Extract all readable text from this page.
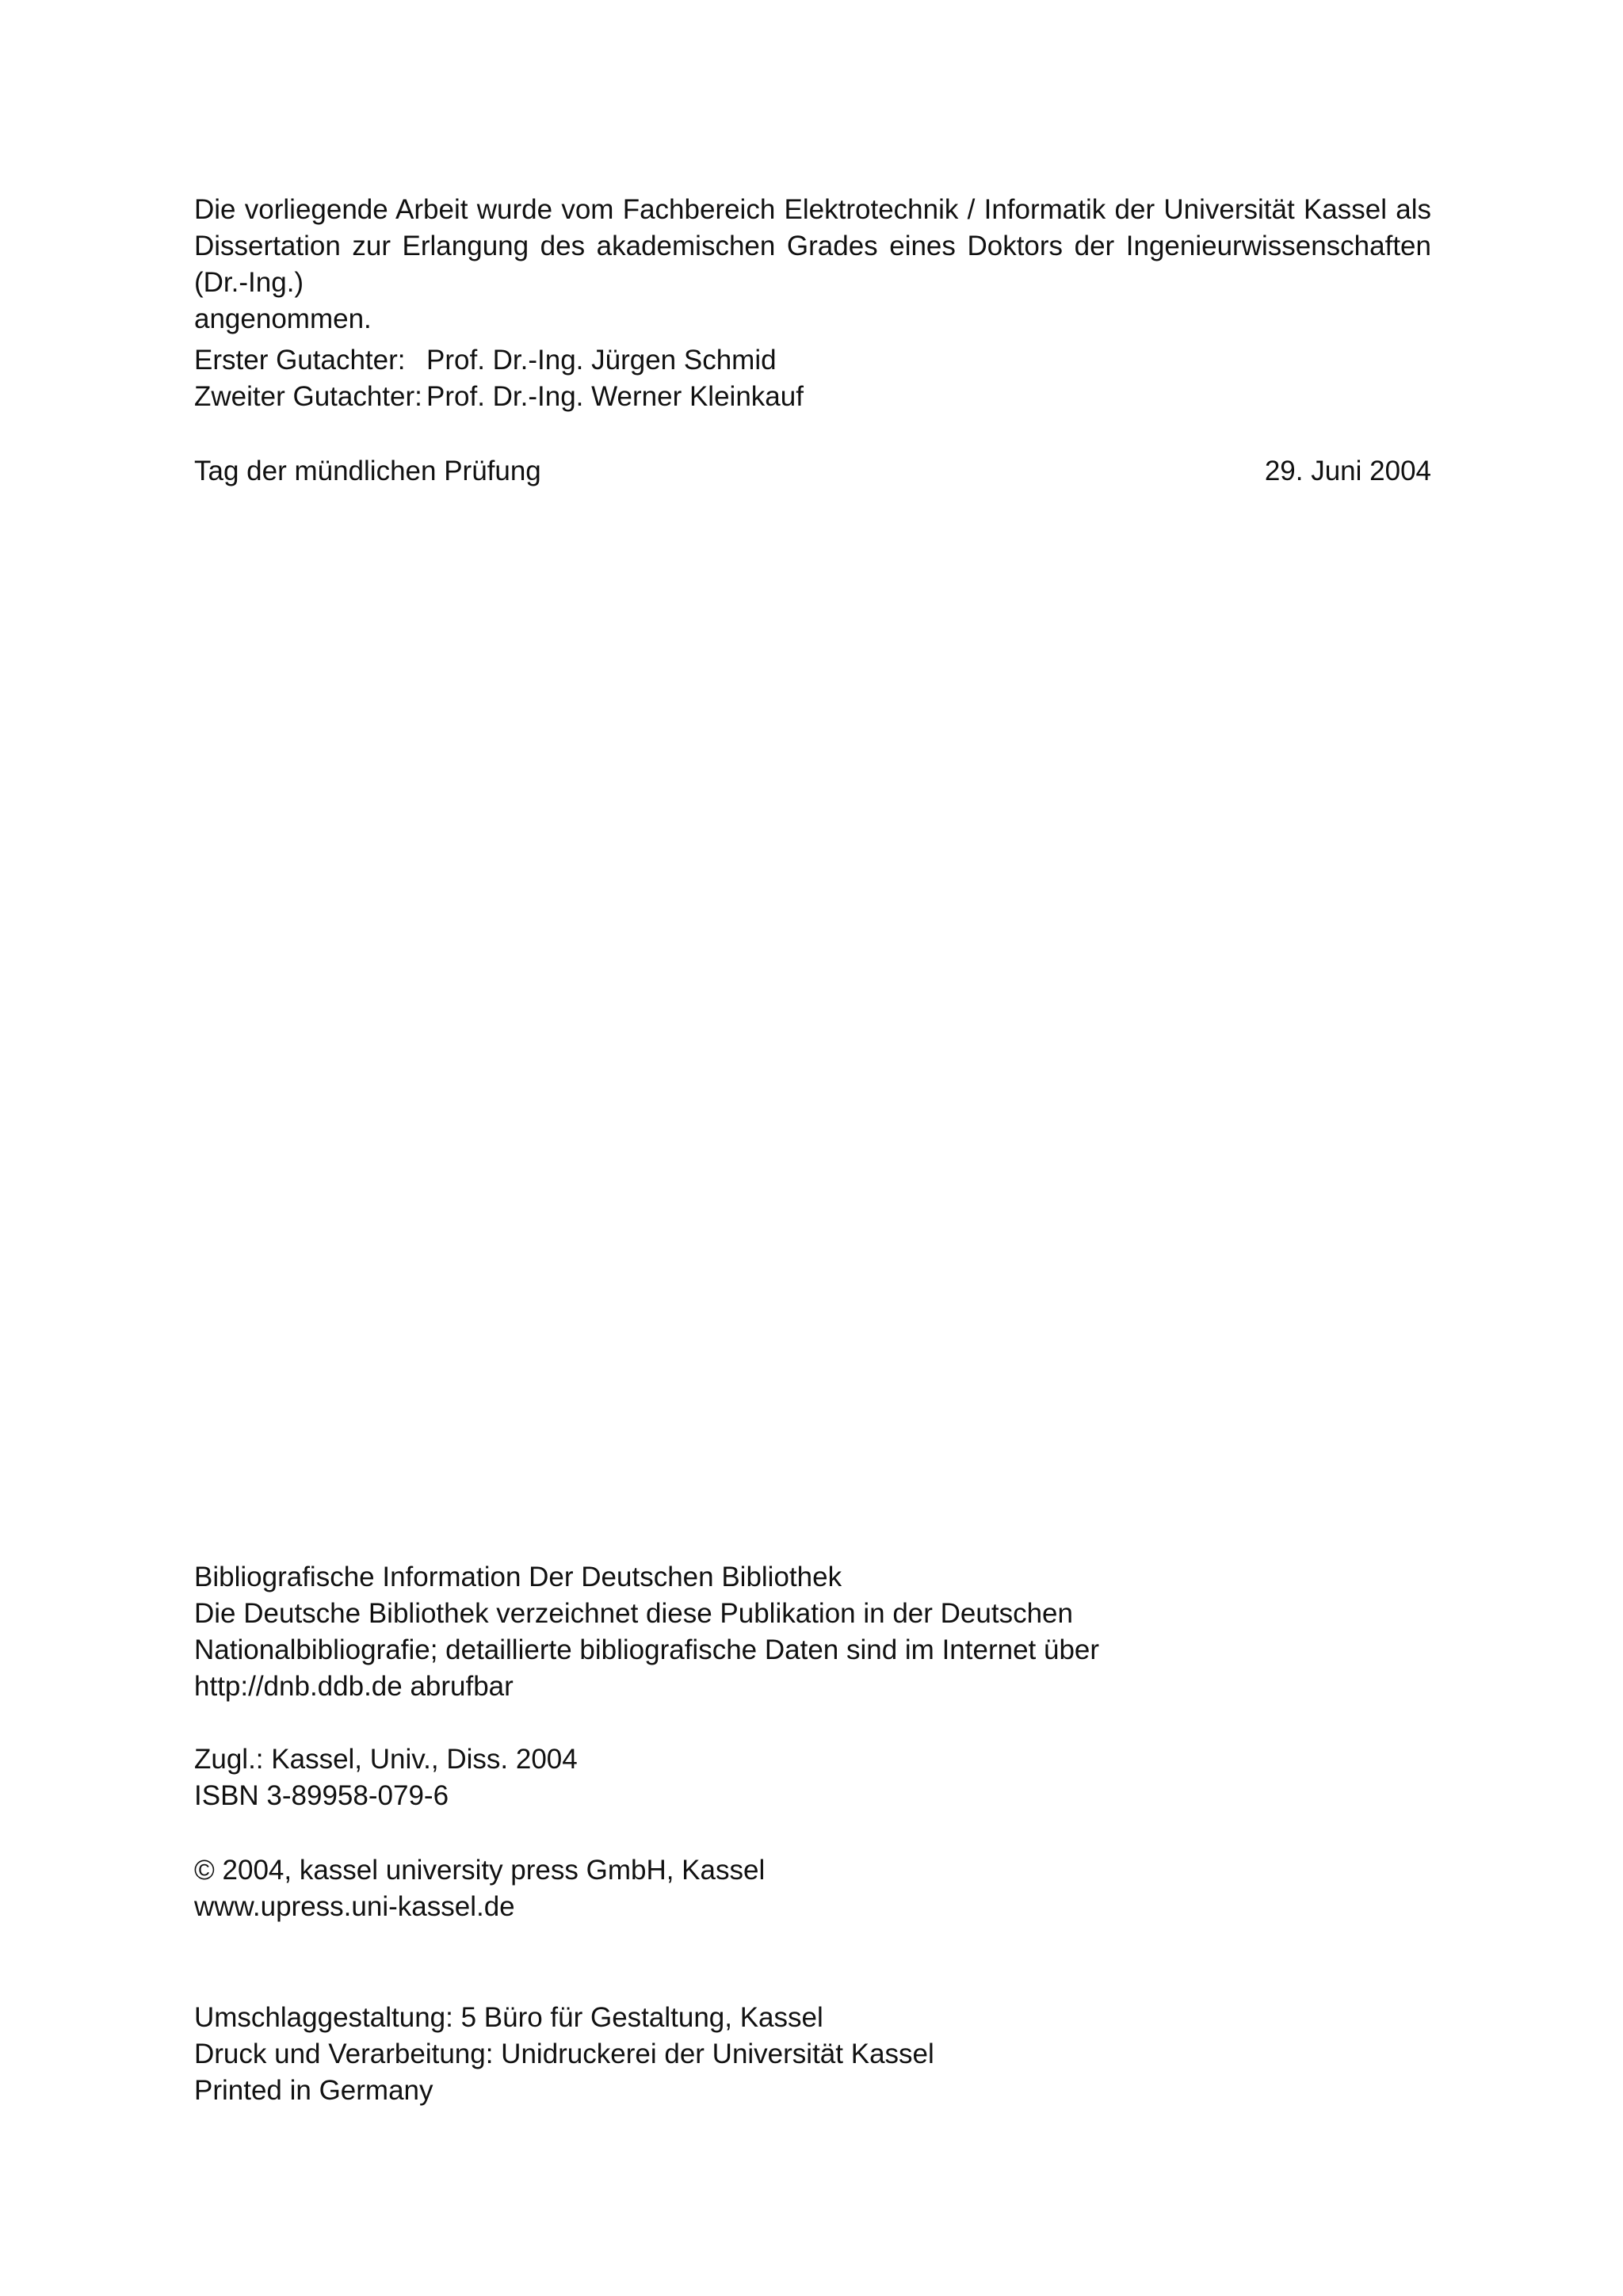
Die vorliegende Arbeit wurde vom Fachbereich Elektrotechnik / Informatik der Universität Kassel als
Dissertation zur Erlangung des akademischen Grades eines Doktors der Ingenieurwissenschaften (Dr.-Ing.)
angenommen.
Erster Gutachter: Prof. Dr.-Ing. Jürgen Schmid
Zweiter Gutachter: Prof. Dr.-Ing. Werner Kleinkauf
Tag der mündlichen Prüfung	29. Juni 2004
Bibliografische Information Der Deutschen Bibliothek
Die Deutsche Bibliothek verzeichnet diese Publikation in der Deutschen
Nationalbibliografie; detaillierte bibliografische Daten sind im Internet über
http://dnb.ddb.de abrufbar
Zugl.: Kassel, Univ., Diss. 2004
ISBN 3-89958-079-6
© 2004, kassel university press GmbH, Kassel
www.upress.uni-kassel.de
Umschlaggestaltung: 5 Büro für Gestaltung, Kassel
Druck und Verarbeitung: Unidruckerei der Universität Kassel
Printed in Germany
